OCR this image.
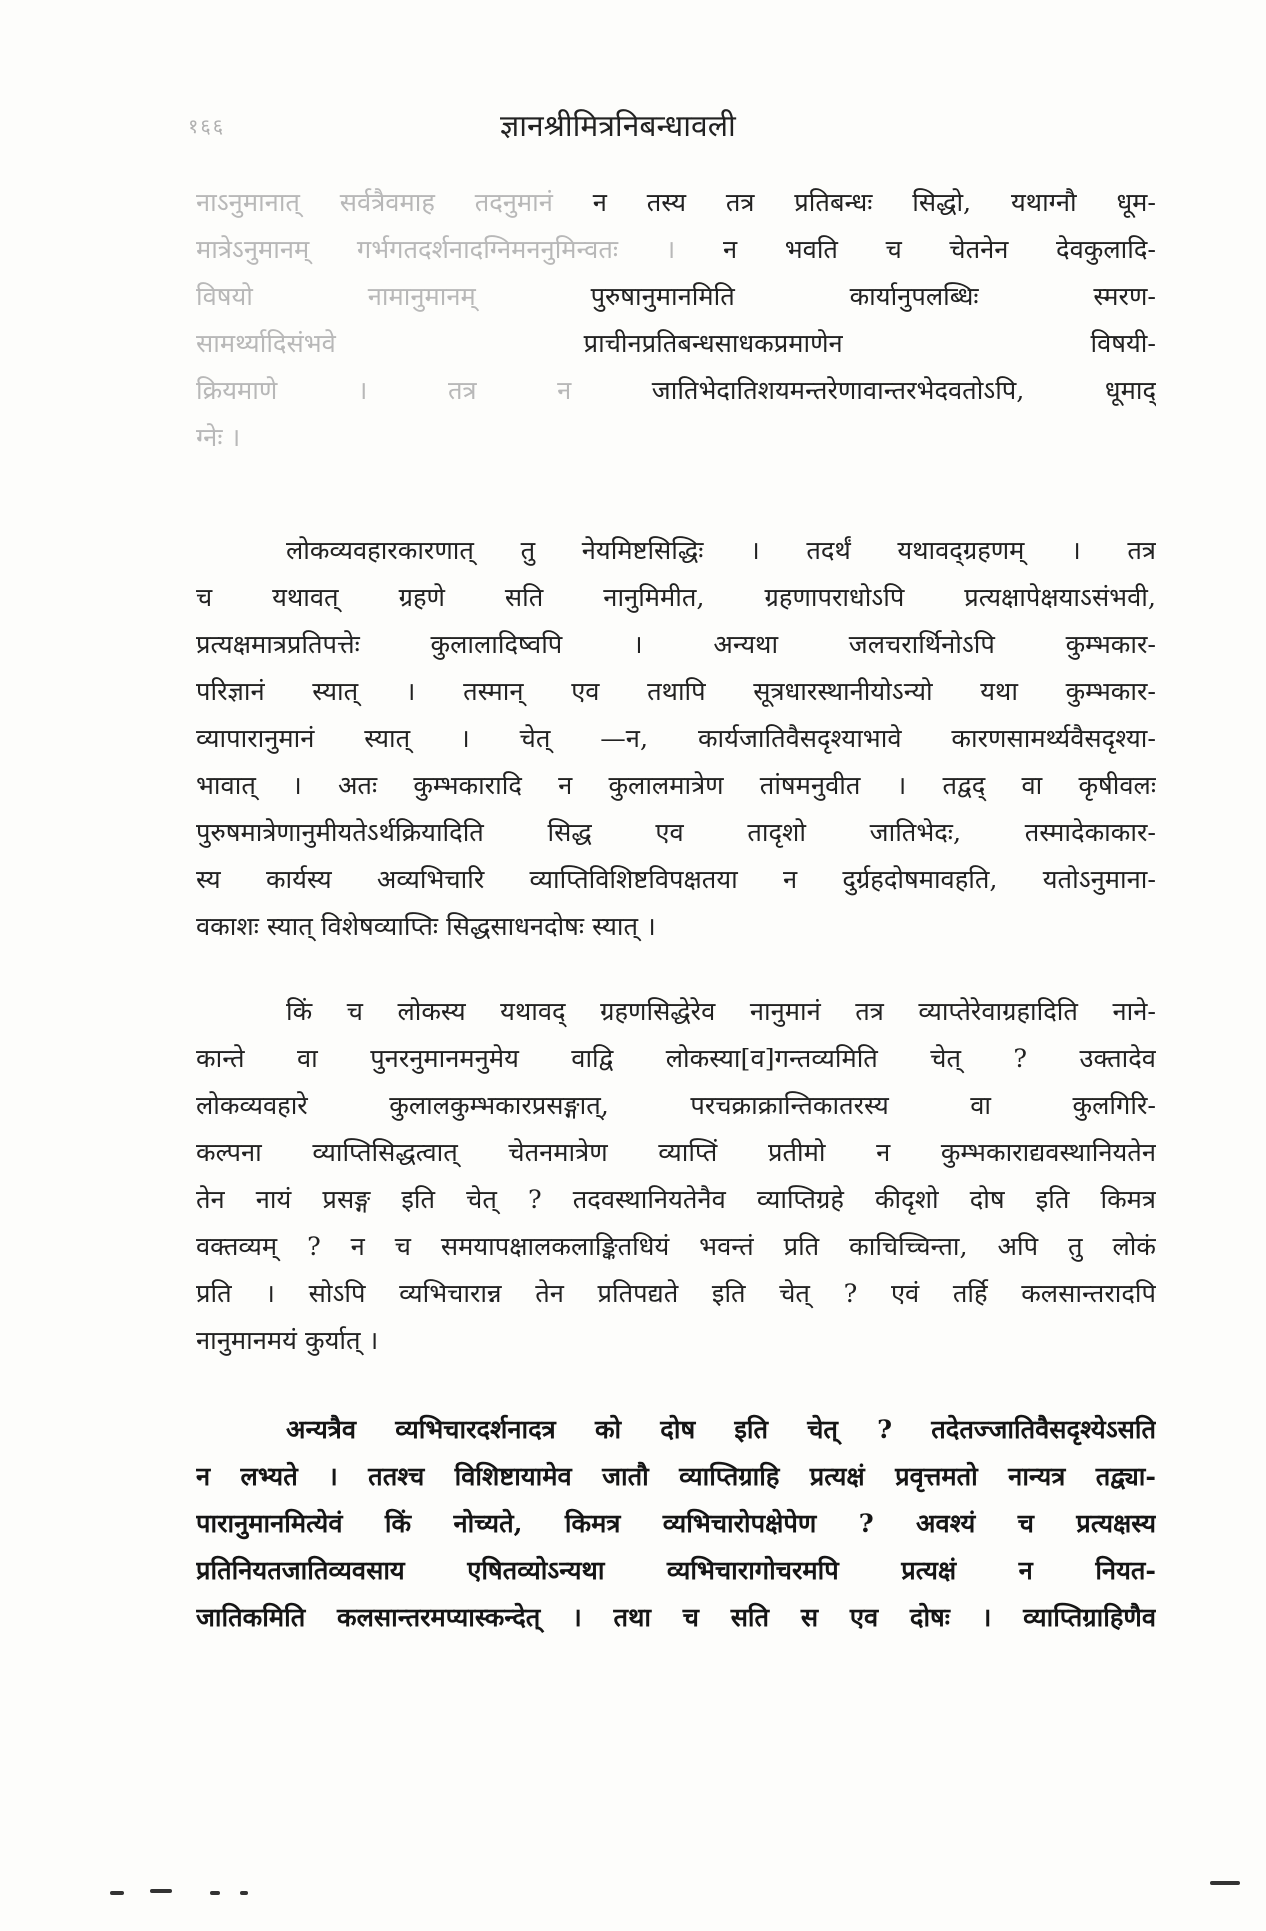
१६६	ज्ञानश्रीमित्रनिबन्धावली

नाऽनुमानात् सर्वत्रैवमाह तदनुमानं न तस्य तत्र प्रतिबन्धः सिद्धो, यथाग्नौ धूम-
मात्रेऽनुमानम् गर्भगतदर्शनादग्निमननुमिन्वतः । न भवति च चेतनेन देवकुलादि-
विषयो नामानुमानम्	पुरुषानुमानमिति कार्यानुपलब्धिः स्मरण-
सामर्थ्यादिसंभवे	प्राचीनप्रतिबन्धसाधकप्रमाणेन विषयी-
क्रियमाणे । तत्र न	जातिभेदातिशयमन्तरेणावान्तरभेदवतोऽपि, धूमाद्
ग्नेः ।

लोकव्यवहारकारणात् तु नेयमिष्टसिद्धिः । तदर्थं यथावद्ग्रहणम् । तत्र
च यथावत् ग्रहणे सति नानुमिमीत, ग्रहणापराधोऽपि प्रत्यक्षापेक्षयाऽसंभवी,
प्रत्यक्षमात्रप्रतिपत्तेः कुलालादिष्वपि । अन्यथा जलचरार्थिनोऽपि कुम्भकार-
परिज्ञानं स्यात् । तस्मान् एव तथापि सूत्रधारस्थानीयोऽन्यो यथा कुम्भकार-
व्यापारानुमानं स्यात् । चेत् —न, कार्यजातिवैसदृश्याभावे कारणसामर्थ्यवैसदृश्या-
भावात् । अतः कुम्भकारादि न कुलालमात्रेण तांषमनुवीत । तद्वद् वा कृषीवलः
पुरुषमात्रेणानुमीयतेऽर्थक्रियादिति सिद्ध एव तादृशो जातिभेदः, तस्मादेकाकार-
स्य कार्यस्य अव्यभिचारि व्याप्तिविशिष्टविपक्षतया न दुर्ग्रहदोषमावहति, यतोऽनुमाना-
वकाशः स्यात् विशेषव्याप्तिः सिद्धसाधनदोषः स्यात् ।

किं च लोकस्य यथावद् ग्रहणसिद्धेरेव नानुमानं तत्र व्याप्तेरेवाग्रहादिति नाने-
कान्ते वा पुनरनुमानमनुमेय वाद्वि लोकस्या[व]गन्तव्यमिति चेत् ? उक्तादेव
लोकव्यवहारे कुलालकुम्भकारप्रसङ्गात्, परचक्राक्रान्तिकातरस्य वा कुलगिरि-
कल्पना व्याप्तिसिद्धत्वात् चेतनमात्रेण व्याप्तिं प्रतीमो न कुम्भकाराद्यवस्थानियतेन
तेन नायं प्रसङ्ग इति चेत् ? तदवस्थानियतेनैव व्याप्तिग्रहे कीदृशो दोष इति किमत्र
वक्तव्यम् ? न च समयापक्षालकलाङ्कितधियं भवन्तं प्रति काचिच्चिन्ता, अपि तु लोकं
प्रति । सोऽपि व्यभिचारान्न तेन प्रतिपद्यते इति चेत् ? एवं तर्हि कलसान्तरादपि
नानुमानमयं कुर्यात् ।

अन्यत्रैव व्यभिचारदर्शनादत्र को दोष इति चेत् ? तदेतज्जातिवैसदृश्येऽसति
न लभ्यते । ततश्च विशिष्टायामेव जातौ व्याप्तिग्राहि प्रत्यक्षं प्रवृत्तमतो नान्यत्र तद्व्या-
पारानुमानमित्येवं किं नोच्यते, किमत्र व्यभिचारोपक्षेपेण ? अवश्यं च प्रत्यक्षस्य
प्रतिनियतजातिव्यवसाय एषितव्योऽन्यथा व्यभिचारागोचरमपि प्रत्यक्षं न नियत-
जातिकमिति कलसान्तरमप्यास्कन्देत् । तथा च सति स एव दोषः । व्याप्तिग्राहिणैव
